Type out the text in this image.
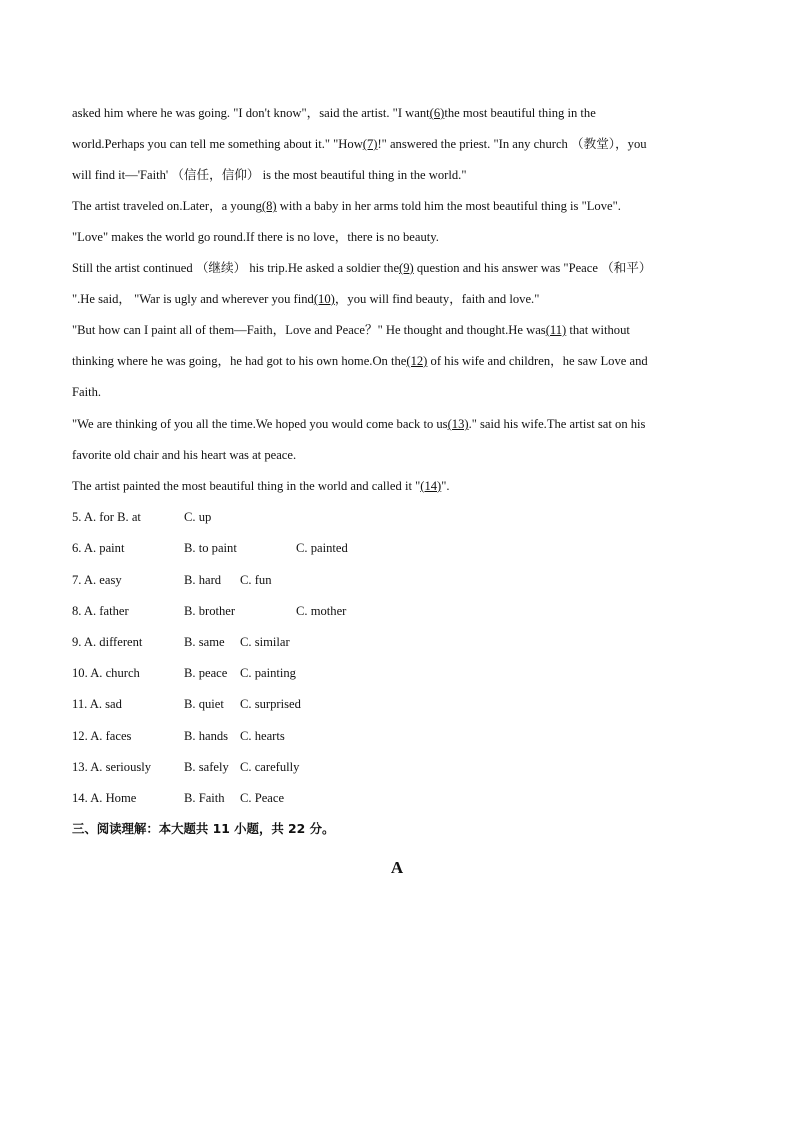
asked him where he was going. "I don't know"，said the artist. "I want(6)the most beautiful thing in the
world.Perhaps you can tell me something about it." "How(7)!" answered the priest. "In any church （教堂），you
will find it—'Faith' （信任，信仰） is the most beautiful thing in the world."
The artist traveled on.Later，a young(8) with a baby in her arms told him the most beautiful thing is "Love".
"Love" makes the world go round.If there is no love，there is no beauty.
Still the artist continued （继续） his trip.He asked a soldier the(9) question and his answer was "Peace （和平）
".He said， "War is ugly and wherever you find(10)，you will find beauty，faith and love."
"But how can I paint all of them—Faith，Love and Peace？" He thought and thought.He was(11) that without
thinking where he was going，he had got to his own home.On the(12) of his wife and children，he saw Love and
Faith.
"We are thinking of you all the time.We hoped you would come back to us(13)." said his wife.The artist sat on his
favorite old chair and his heart was at peace.
The artist painted the most beautiful thing in the world and called it "(14)".
5. A. for B. at	C. up
6. A. paint	B. to paint	C. painted
7. A. easy	B. hard C. fun
8. A. father	B. brother	C. mother
9. A. different	B. same C. similar
10. A. church	B. peace C. painting
11. A. sad	B. quiet C. surprised
12. A. faces	B. hands C. hearts
13. A. seriously	B. safely C. carefully
14. A. Home	B. Faith C. Peace
三、阅读理解：本大题共 11 小题，共 22 分。
A
